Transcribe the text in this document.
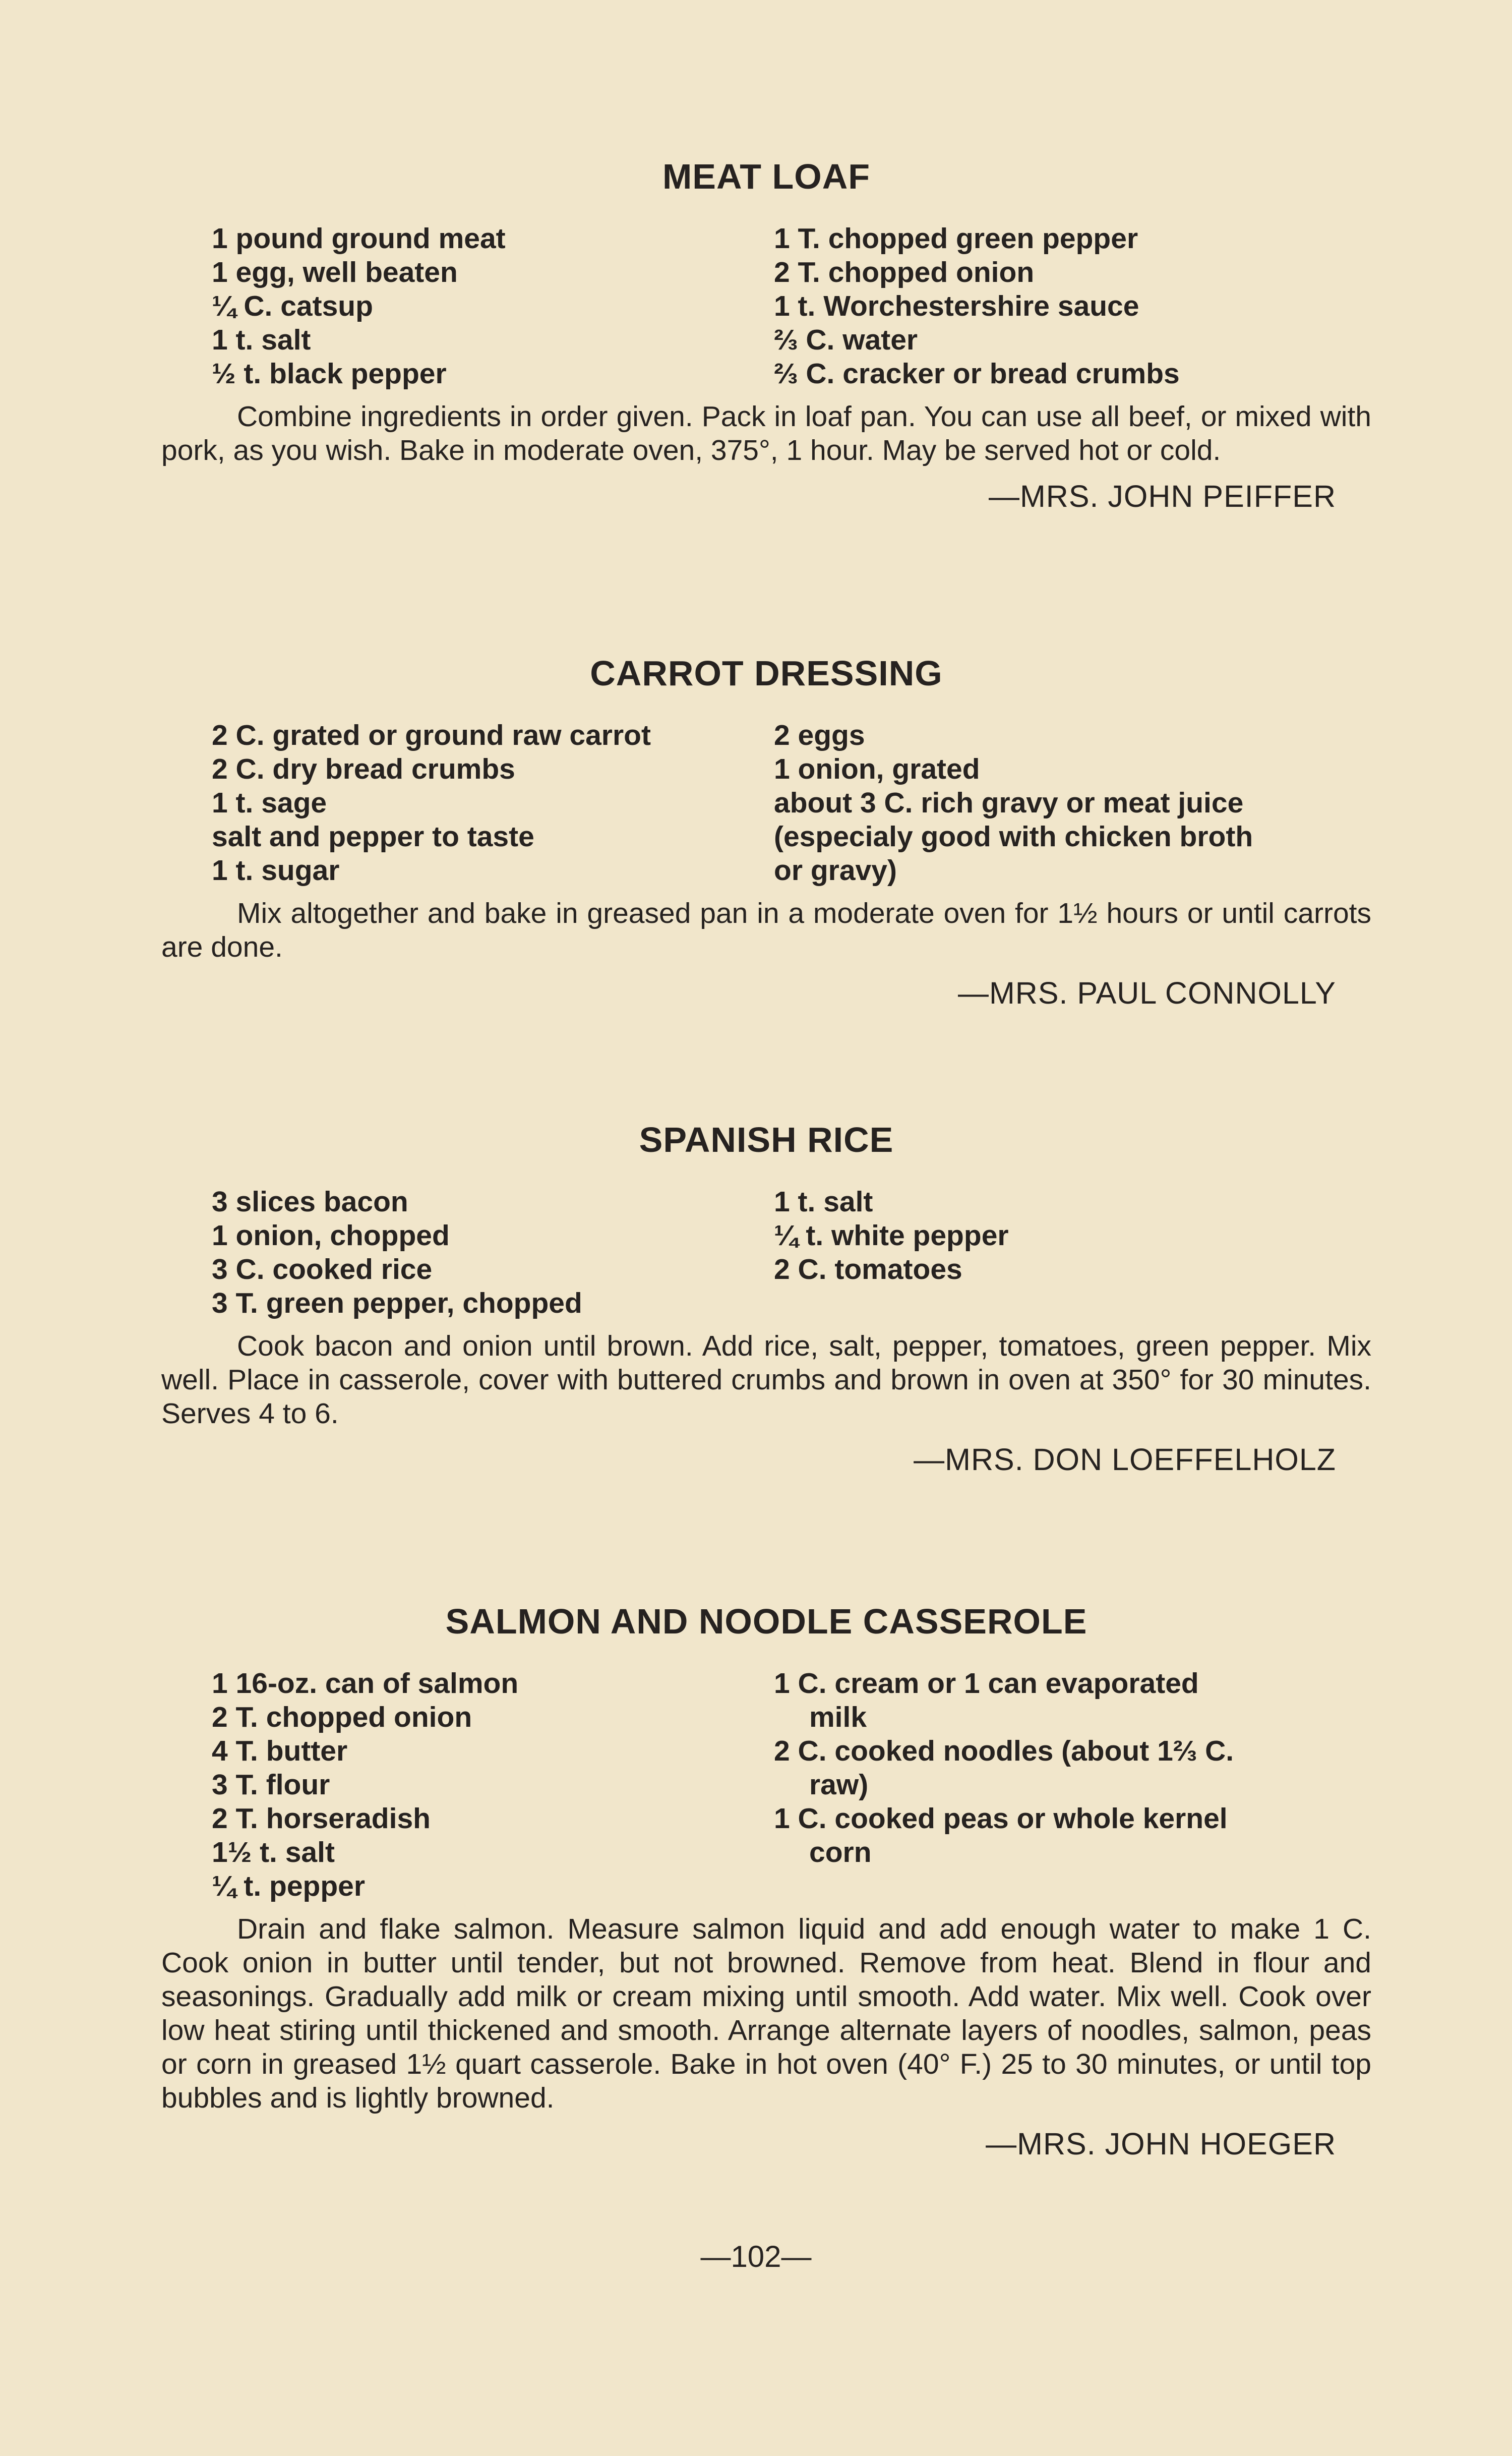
MEAT LOAF
1 pound ground meat
1 egg, well beaten
¼ C. catsup
1 t. salt
½ t. black pepper
1 T. chopped green pepper
2 T. chopped onion
1 t. Worchestershire sauce
⅔ C. water
⅔ C. cracker or bread crumbs

Combine ingredients in order given. Pack in loaf pan. You can use all beef, or mixed with pork, as you wish. Bake in moderate oven, 375°, 1 hour. May be served hot or cold.

—MRS. JOHN PEIFFER
CARROT DRESSING
2 C. grated or ground raw carrot
2 C. dry bread crumbs
1 t. sage
salt and pepper to taste
1 t. sugar
2 eggs
1 onion, grated
about 3 C. rich gravy or meat juice
(especialy good with chicken broth
or gravy)

Mix altogether and bake in greased pan in a moderate oven for 1½ hours or until carrots are done.

—MRS. PAUL CONNOLLY
SPANISH RICE
3 slices bacon
1 onion, chopped
3 C. cooked rice
3 T. green pepper, chopped
1 t. salt
¼ t. white pepper
2 C. tomatoes

Cook bacon and onion until brown. Add rice, salt, pepper, tomatoes, green pepper. Mix well. Place in casserole, cover with buttered crumbs and brown in oven at 350° for 30 minutes. Serves 4 to 6.

—MRS. DON LOEFFELHOLZ
SALMON AND NOODLE CASSEROLE
1 16-oz. can of salmon
2 T. chopped onion
4 T. butter
3 T. flour
2 T. horseradish
1½ t. salt
¼ t. pepper
1 C. cream or 1 can evaporated
milk
2 C. cooked noodles (about 1⅔ C.
raw)
1 C. cooked peas or whole kernel
corn

Drain and flake salmon. Measure salmon liquid and add enough water to make 1 C. Cook onion in butter until tender, but not browned. Remove from heat. Blend in flour and seasonings. Gradually add milk or cream mixing until smooth. Add water. Mix well. Cook over low heat stiring until thickened and smooth. Arrange alternate layers of noodles, salmon, peas or corn in greased 1½ quart casserole. Bake in hot oven (40° F.) 25 to 30 minutes, or until top bubbles and is lightly browned.

—MRS. JOHN HOEGER
—102—
